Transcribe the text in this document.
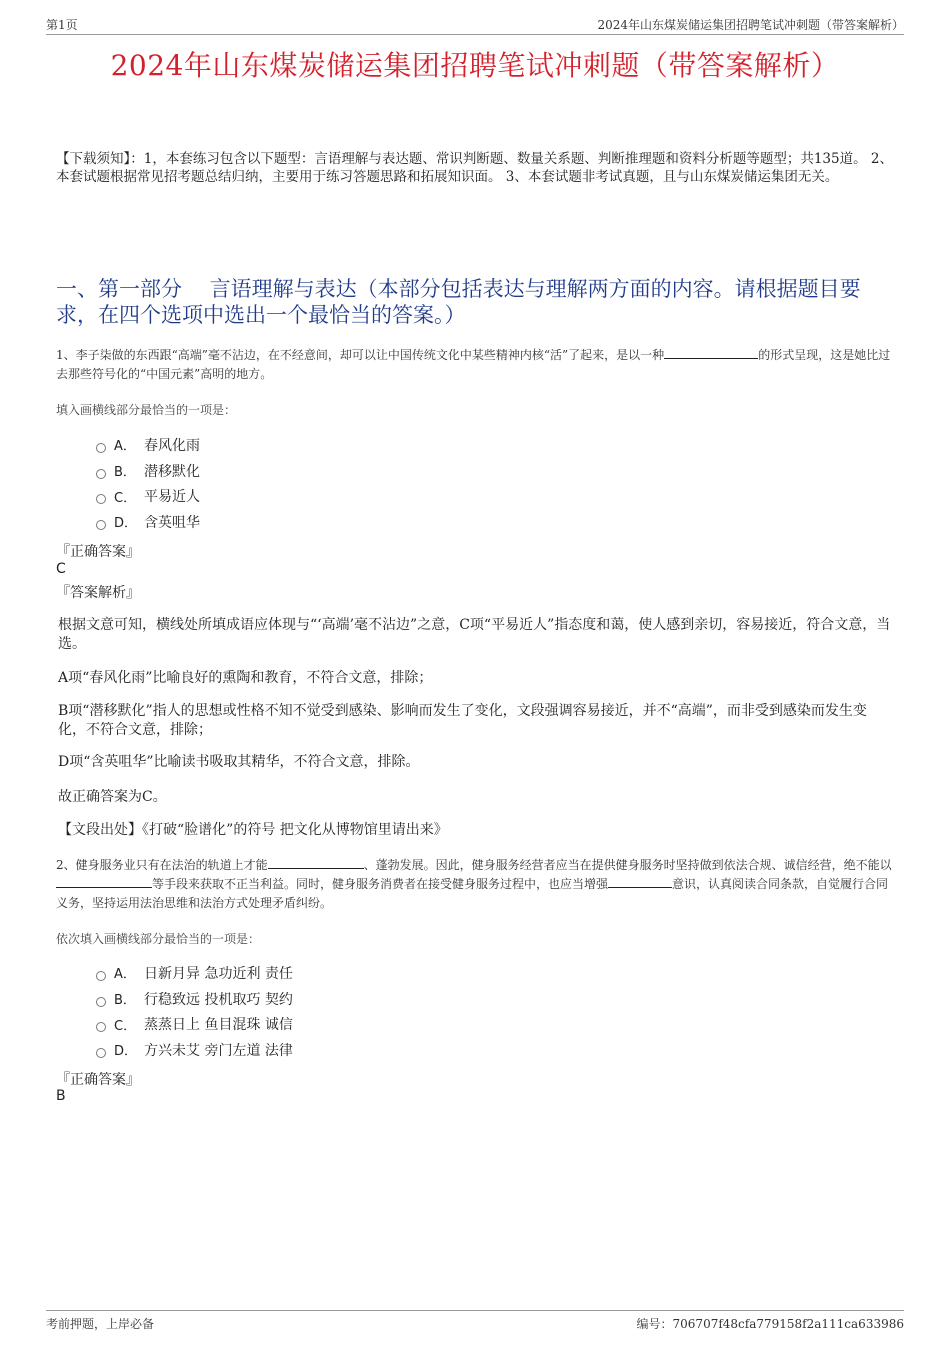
第1页	2024年山东煤炭储运集团招聘笔试冲刺题（带答案解析）
2024年山东煤炭储运集团招聘笔试冲刺题（带答案解析）
【下载须知】：1，本套练习包含以下题型：言语理解与表达题、常识判断题、数量关系题、判断推理题和资料分析题等题型；共135道。 2、本套试题根据常见招考题总结归纳，主要用于练习答题思路和拓展知识面。 3、本套试题非考试真题，且与山东煤炭储运集团无关。
一、第一部分　 言语理解与表达（本部分包括表达与理解两方面的内容。请根据题目要求，在四个选项中选出一个最恰当的答案。）
1、李子柒做的东西跟“高端”毫不沾边，在不经意间，却可以让中国传统文化中某些精神内核“活”了起来，是以一种	的形式呈现，这是她比过去那些符号化的“中国元素”高明的地方。
填入画横线部分最恰当的一项是：
A． 春风化雨
B． 潜移默化
C． 平易近人
D． 含英咀华
『正确答案』
C
『答案解析』
根据文意可知，横线处所填成语应体现与“‘高端’毫不沾边”之意，C项“平易近人”指态度和蔼，使人感到亲切，容易接近，符合文意，当选。
A项“春风化雨”比喻良好的熏陶和教育，不符合文意，排除；
B项“潜移默化”指人的思想或性格不知不觉受到感染、影响而发生了变化，文段强调容易接近，并不“高端”，而非受到感染而发生变化，不符合文意，排除；
D项“含英咀华”比喻读书吸取其精华，不符合文意，排除。
故正确答案为C。
【文段出处】《打破“脸谱化”的符号 把文化从博物馆里请出来》
2、健身服务业只有在法治的轨道上才能	、蓬勃发展。因此，健身服务经营者应当在提供健身服务时坚持做到依法合规、诚信经营，绝不能以等手段来获取不正当利益。同时，健身服务消费者在接受健身服务过程中，也应当增强	意识，认真阅读合同条款，自觉履行合同义务，坚持运用法治思维和法治方式处理矛盾纠纷。
依次填入画横线部分最恰当的一项是：
A． 日新月异 急功近利 责任
B． 行稳致远 投机取巧 契约
C． 蒸蒸日上 鱼目混珠 诚信
D． 方兴未艾 旁门左道 法律
『正确答案』
B
考前押题，上岸必备	编号：706707f48cfa779158f2a111ca633986
